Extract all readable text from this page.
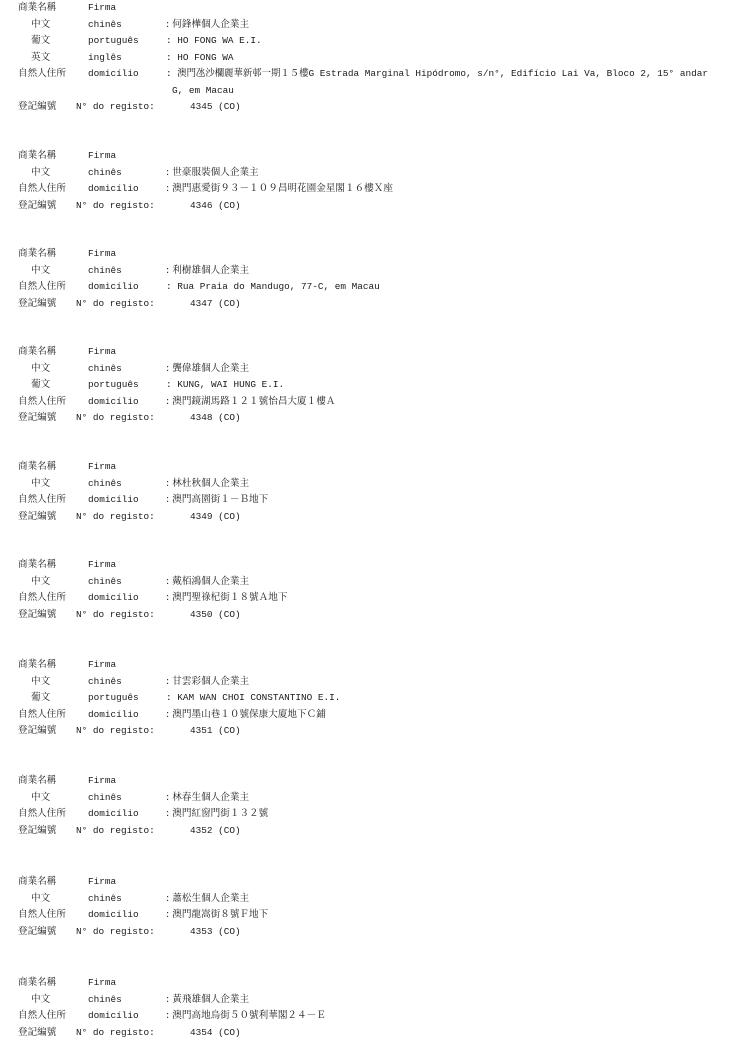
商業名稱	Firma
中文	chinês	: 何鋒樺個人企業主
葡文	português	: HO FONG WA E.I.
英文	inglês	: HO FONG WA
自然人住所 domicílio	: 澳門氹沙欄麗華新邨一期１５樓G Estrada Marginal Hipódromo, s/n°, Edifício Lai Va, Bloco 2, 15° andar G, em Macau
登記編號 N° do registo:	4345 (CO)
商業名稱	Firma
中文	chinês	: 世豪服裝個人企業主
自然人住所 domicílio	: 澳門惠愛街９３－１０９昌明花園金星閣１６樓Ｘ座
登記編號 N° do registo:	4346 (CO)
商業名稱	Firma
中文	chinês	: 利樹雄個人企業主
自然人住所 domicílio	: Rua Praia do Mandugo, 77-C, em Macau
登記編號 N° do registo:	4347 (CO)
商業名稱	Firma
中文	chinês	: 龔偉雄個人企業主
葡文	português	: KUNG, WAI HUNG E.I.
自然人住所 domicílio	: 澳門鏡湖馬路１２１號怡昌大廈１樓Ａ
登記編號 N° do registo:	4348 (CO)
商業名稱	Firma
中文	chinês	: 林杜秋個人企業主
自然人住所 domicílio	: 澳門高園街１－Ｂ地下
登記編號 N° do registo:	4349 (CO)
商業名稱	Firma
中文	chinês	: 戴栢鴻個人企業主
自然人住所 domicílio	: 澳門聖祿杞街１８號Ａ地下
登記編號 N° do registo:	4350 (CO)
商業名稱	Firma
中文	chinês	: 甘雲彩個人企業主
葡文	português	: KAM WAN CHOI CONSTANTINO E.I.
自然人住所 domicílio	: 澳門墨山巷１０號保康大廈地下Ｃ鋪
登記編號 N° do registo:	4351 (CO)
商業名稱	Firma
中文	chinês	: 林春生個人企業主
自然人住所 domicílio	: 澳門紅窗門街１３２號
登記編號 N° do registo:	4352 (CO)
商業名稱	Firma
中文	chinês	: 蕭松生個人企業主
自然人住所 domicílio	: 澳門龍嵩街８號Ｆ地下
登記編號 N° do registo:	4353 (CO)
商業名稱	Firma
中文	chinês	: 黃飛雄個人企業主
自然人住所 domicílio	: 澳門高地烏街５０號利華閣２４－Ｅ
登記編號 N° do registo:	4354 (CO)
